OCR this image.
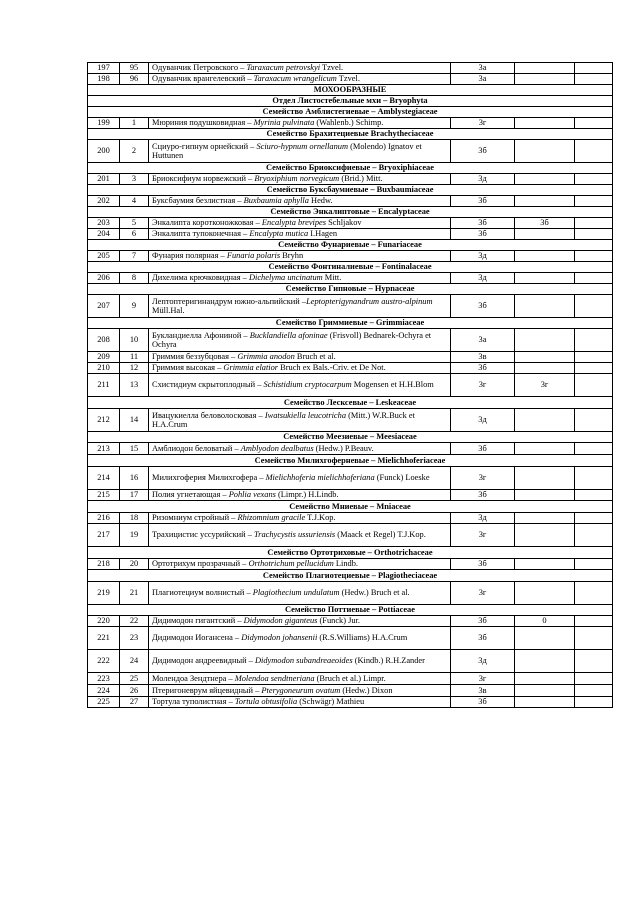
197	95	Одуванчик Петровского – Taraxacum petrovskyi Tzvel.	3а		
198	96	Одуванчик врангелевский – Taraxacum wrangelicum Tzvel.	3а		
МОХООБРАЗНЫЕ					
Отдел Листостебельные мхи – Bryophyta					
Семейство Амблистегиевые – Amblystegiaceae					
199	1	Мюриния подушковидная – Myrinia pulvinata (Wahlenb.) Schimp.	3г		
Семейство Брахитециевые Brachytheciaceae					
200	2	Сциуро-гипнум орнейский – Sciuro-hypnum ornellanum (Molendo) Ignatov et Huttunen	3б		
Семейство Бриоксифиевые – Bryoxiphiaceae					
201	3	Бриоксифиум норвежский – Bryoxiphium norvegicum (Brid.) Mitt.	3д		
Семейство Буксбаумиевые – Buxbaumiaceae					
202	4	Буксбаумия безлистная – Buxbaumia aphylla Hedw.	3б		
Семейство Энкалиптовые – Encalyptaceae					
203	5	Энкалипта коротконожковая – Encalypta brevipes Schljakov	3б	3б	
204	6	Энкалипта тупоконечная – Encalypta mutica I.Hagen	3б		
Семейство Фунариевые – Funariaceae					
205	7	Фунария полярная – Funaria polaris Bryhn	3д		
Семейство Фонтиналиевые – Fontinalaceae					
206	8	Дихелима крючковидная – Dichelyma uncinatum Mitt.	3д		
Семейство Гипновые – Hypnaceae					
207	9	Лептоптеригинандрум южно-альпийский –Leptopterigynandrum austro-alpinum Müll.Hal.	3б		
Семейство Гриммиевые – Grimmiaceae					
208	10	Букландиелла Афониной – Bucklandiella afoninae (Frisvoll) Bednarek-Ochyra et Ochyra	3а		
209	11	Гриммия беззубцовая – Grimmia anodon Bruch et al.	3в		
210	12	Гриммия высокая – Grimmia elatior Bruch ex Bals.-Criv. et De Not.	3б		
211	13	Схистидиум скрытоплодный – Schistidium cryptocarpum Mogensen et H.H.Blom	3г	3г	
Семейство Лесксевые – Leskeaceae					
212	14	Ивацукиелла беловолосковая – Iwatsukiella leucotricha (Mitt.) W.R.Buck et H.A.Crum	3д		
Семейство Меезиевые – Meesiaceae					
213	15	Амблиодон беловатый – Amblyodon dealbatus (Hedw.) P.Beauv.	3б		
Семейство Милихгоферневые – Mielichhoferiaceae					
214	16	Милихгоферия Милихгофера – Mielichhoferia mielichhoferiana (Funck) Loeske	3г		
215	17	Полия угнетающая – Pohlia vexans (Limpr.) H.Lindb.	3б		
Семейство Мниевые – Mniaceae					
216	18	Ризомниум стройный – Rhizomnium gracile T.J.Kop.	3д		
217	19	Трахицистис уссурийский – Trachycystis ussuriensis (Maack et Regel) T.J.Kop.	3г		
Семейство Ортотриховые – Orthotrichaceae					
218	20	Ортотрихум прозрачный – Orthotrichum pellucidum Lindb.	3б		
Семейство Плагиотециевые – Plagiotheciaceae					
219	21	Плагиотециум волнистый – Plagiothecium undulatum (Hedw.) Bruch et al.	3г		
Семейство Поттиевые – Pottiaceae					
220	22	Дидимодон гигантский – Didymodon giganteus (Funck) Jur.	3б	0	
221	23	Дидимодон Иогансена – Didymodon johansenii (R.S.Williams) H.A.Crum	3б		
222	24	Дидимодон андреевидный – Didymodon subandreaeoides (Kindb.) R.H.Zander	3д		
223	25	Молендоа Зендтнера – Molendoa sendtneriana (Bruch et al.) Limpr.	3г		
224	26	Птеригоневрум яйцевидный – Pterygoneurum ovatum (Hedw.) Dixon	3в		
225	27	Тортула туполистная – Tortula obtusifolia (Schwägr) Mathieu	3б		
